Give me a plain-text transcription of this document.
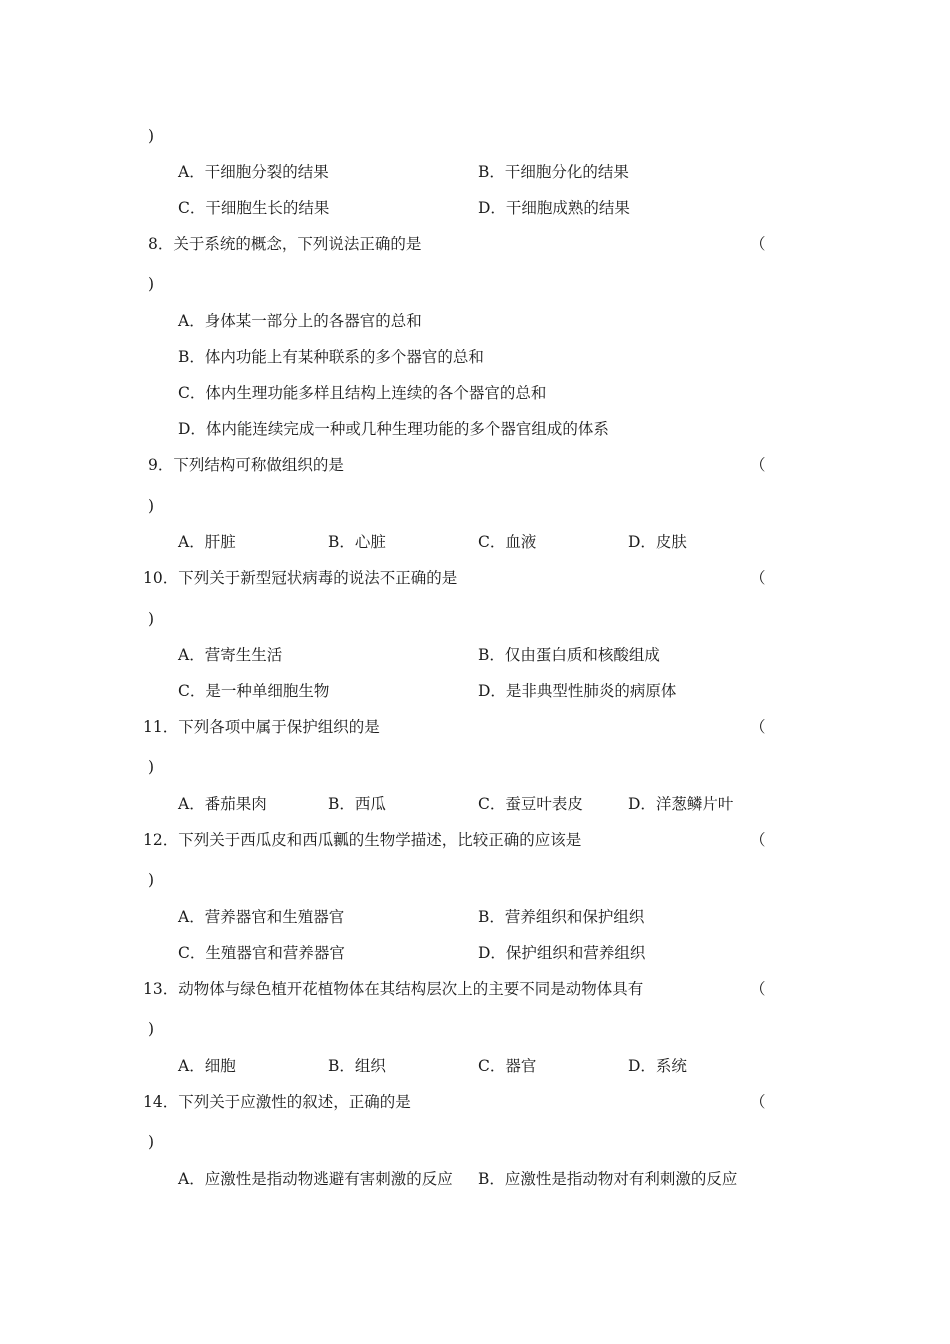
)
A．干细胞分裂的结果	B．干细胞分化的结果
C．干细胞生长的结果	D．干细胞成熟的结果
8．关于系统的概念，下列说法正确的是	（
)
A．身体某一部分上的各器官的总和
B．体内功能上有某种联系的多个器官的总和
C．体内生理功能多样且结构上连续的各个器官的总和
D．体内能连续完成一种或几种生理功能的多个器官组成的体系
9．下列结构可称做组织的是	（
)
A．肝脏	B．心脏	C．血液	D．皮肤
10．下列关于新型冠状病毒的说法不正确的是	（
)
A．营寄生生活	B．仅由蛋白质和核酸组成
C．是一种单细胞生物	D．是非典型性肺炎的病原体
11．下列各项中属于保护组织的是	（
)
A．番茄果肉	B．西瓜	C．蚕豆叶表皮	D．洋葱鳞片叶
12．下列关于西瓜皮和西瓜瓤的生物学描述，比较正确的应该是	（
)
A．营养器官和生殖器官	B．营养组织和保护组织
C．生殖器官和营养器官	D．保护组织和营养组织
13．动物体与绿色植开花植物体在其结构层次上的主要不同是动物体具有	（
)
A．细胞	B．组织	C．器官	D．系统
14．下列关于应激性的叙述，正确的是	（
)
A．应激性是指动物逃避有害刺激的反应 B．应激性是指动物对有利刺激的反应
